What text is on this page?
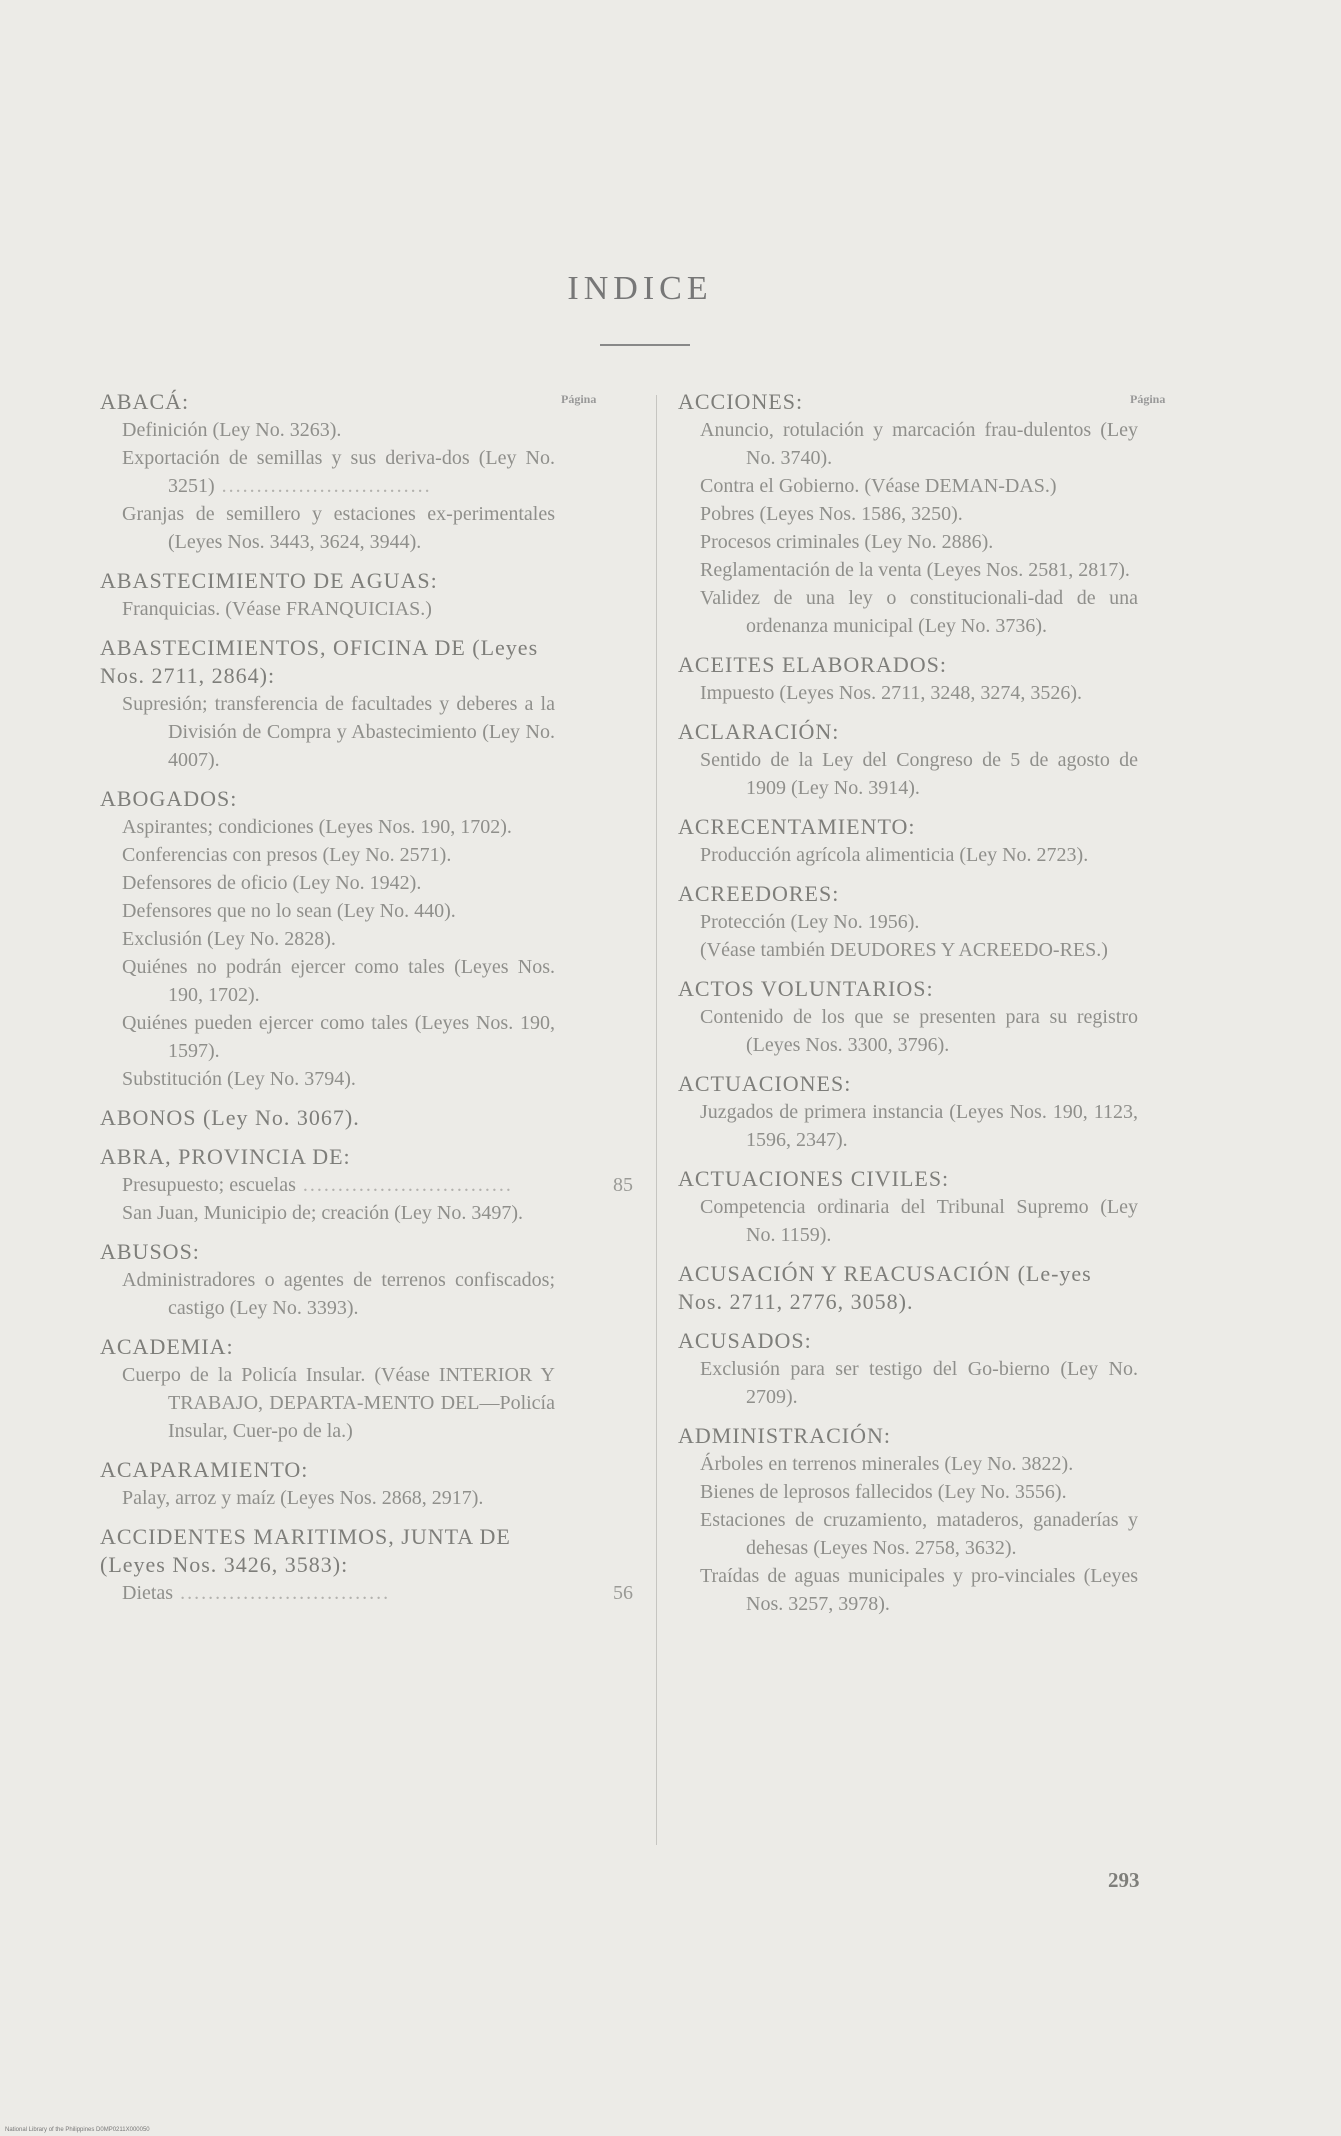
INDICE
Página	Página
ABACÁ:
Definición (Ley No. 3263).
Exportación de semillas y sus deriva-dos (Ley No. 3251) ..............................
Granjas de semillero y estaciones ex-perimentales (Leyes Nos. 3443, 3624, 3944).
ABASTECIMIENTO DE AGUAS:
Franquicias. (Véase FRANQUICIAS.)
ABASTECIMIENTOS, OFICINA DE (Leyes Nos. 2711, 2864):
Supresión; transferencia de facultades y deberes a la División de Compra y Abastecimiento (Ley No. 4007).
ABOGADOS:
Aspirantes; condiciones (Leyes Nos. 190, 1702).
Conferencias con presos (Ley No. 2571).
Defensores de oficio (Ley No. 1942).
Defensores que no lo sean (Ley No. 440).
Exclusión (Ley No. 2828).
Quiénes no podrán ejercer como tales (Leyes Nos. 190, 1702).
Quiénes pueden ejercer como tales (Leyes Nos. 190, 1597).
Substitución (Ley No. 3794).
ABONOS (Ley No. 3067).
ABRA, PROVINCIA DE:
Presupuesto; escuelas ..............................	85
San Juan, Municipio de; creación (Ley No. 3497).
ABUSOS:
Administradores o agentes de terrenos confiscados; castigo (Ley No. 3393).
ACADEMIA:
Cuerpo de la Policía Insular. (Véase INTERIOR Y TRABAJO, DEPARTA-MENTO DEL—Policía Insular, Cuer-po de la.)
ACAPARAMIENTO:
Palay, arroz y maíz (Leyes Nos. 2868, 2917).
ACCIDENTES MARITIMOS, JUNTA DE (Leyes Nos. 3426, 3583):
Dietas ..............................	56
ACCIONES:
Anuncio, rotulación y marcación frau-dulentos (Ley No. 3740).
Contra el Gobierno. (Véase DEMAN-DAS.)
Pobres (Leyes Nos. 1586, 3250).
Procesos criminales (Ley No. 2886).
Reglamentación de la venta (Leyes Nos. 2581, 2817).
Validez de una ley o constitucionali-dad de una ordenanza municipal (Ley No. 3736).
ACEITES ELABORADOS:
Impuesto (Leyes Nos. 2711, 3248, 3274, 3526).
ACLARACIÓN:
Sentido de la Ley del Congreso de 5 de agosto de 1909 (Ley No. 3914).
ACRECENTAMIENTO:
Producción agrícola alimenticia (Ley No. 2723).
ACREEDORES:
Protección (Ley No. 1956).
(Véase también DEUDORES Y ACREEDO-RES.)
ACTOS VOLUNTARIOS:
Contenido de los que se presenten para su registro (Leyes Nos. 3300, 3796).
ACTUACIONES:
Juzgados de primera instancia (Leyes Nos. 190, 1123, 1596, 2347).
ACTUACIONES CIVILES:
Competencia ordinaria del Tribunal Supremo (Ley No. 1159).
ACUSACIÓN Y REACUSACIÓN (Le-yes Nos. 2711, 2776, 3058).
ACUSADOS:
Exclusión para ser testigo del Go-bierno (Ley No. 2709).
ADMINISTRACIÓN:
Árboles en terrenos minerales (Ley No. 3822).
Bienes de leprosos fallecidos (Ley No. 3556).
Estaciones de cruzamiento, mataderos, ganaderías y dehesas (Leyes Nos. 2758, 3632).
Traídas de aguas municipales y pro-vinciales (Leyes Nos. 3257, 3978).
293
National Library of the Philippines D0MP0211X000050
